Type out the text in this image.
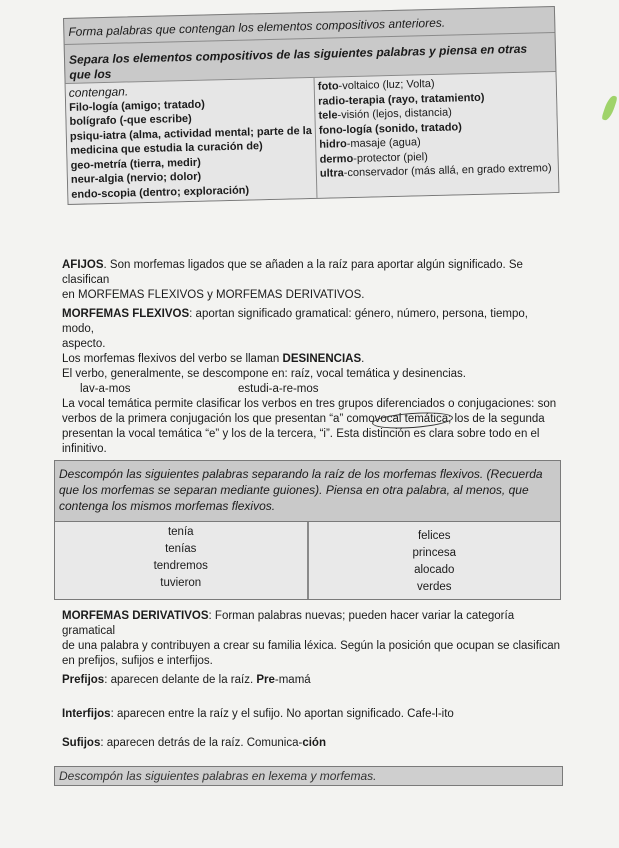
Forma palabras que contengan los elementos compositivos anteriores.
Separa los elementos compositivos de las siguientes palabras y piensa en otras que los
contengan.
Filo-logía (amigo; tratado)
bolígrafo (-que escribe)
psiqu-iatra (alma, actividad mental; parte de la
medicina que estudia la curación de)
geo-metría (tierra, medir)
neur-algia (nervio; dolor)
endo-scopia (dentro; exploración)
foto-voltaico (luz; Volta)
radio-terapia (rayo, tratamiento)
tele-visión (lejos, distancia)
fono-logía (sonido, tratado)
hidro-masaje (agua)
dermo-protector (piel)
ultra-conservador (más allá, en grado extremo)
AFIJOS. Son morfemas ligados que se añaden a la raíz para aportar algún significado. Se clasifican
en MORFEMAS FLEXIVOS y MORFEMAS DERIVATIVOS.
MORFEMAS FLEXIVOS: aportan significado gramatical: género, número, persona, tiempo, modo,
aspecto.
Los morfemas flexivos del verbo se llaman DESINENCIAS.
El verbo, generalmente, se descompone en: raíz, vocal temática y desinencias.
lav-a-mos	estudi-a-re-mos
La vocal temática permite clasificar los verbos en tres grupos diferenciados o conjugaciones: son
verbos de la primera conjugación los que presentan “a” comovocal temática; los de la segunda
presentan la vocal temática “e” y los de la tercera, “i”. Esta distinción es clara sobre todo en el
infinitivo.
Descompón las siguientes palabras separando la raíz de los morfemas flexivos. (Recuerda
que los morfemas se separan mediante guiones). Piensa en otra palabra, al menos, que
contenga los mismos morfemas flexivos.
tenía
tenías
tendremos
tuvieron
felices
princesa
alocado
verdes
MORFEMAS DERIVATIVOS: Forman palabras nuevas; pueden hacer variar la categoría gramatical
de una palabra y contribuyen a crear su familia léxica. Según la posición que ocupan se clasifican
en prefijos, sufijos e interfijos.
Prefijos: aparecen delante de la raíz. Pre-mamá
Interfijos: aparecen entre la raíz y el sufijo. No aportan significado. Cafe-l-ito
Sufijos: aparecen detrás de la raíz. Comunica-ción
Descompón las siguientes palabras en lexema y morfemas.
